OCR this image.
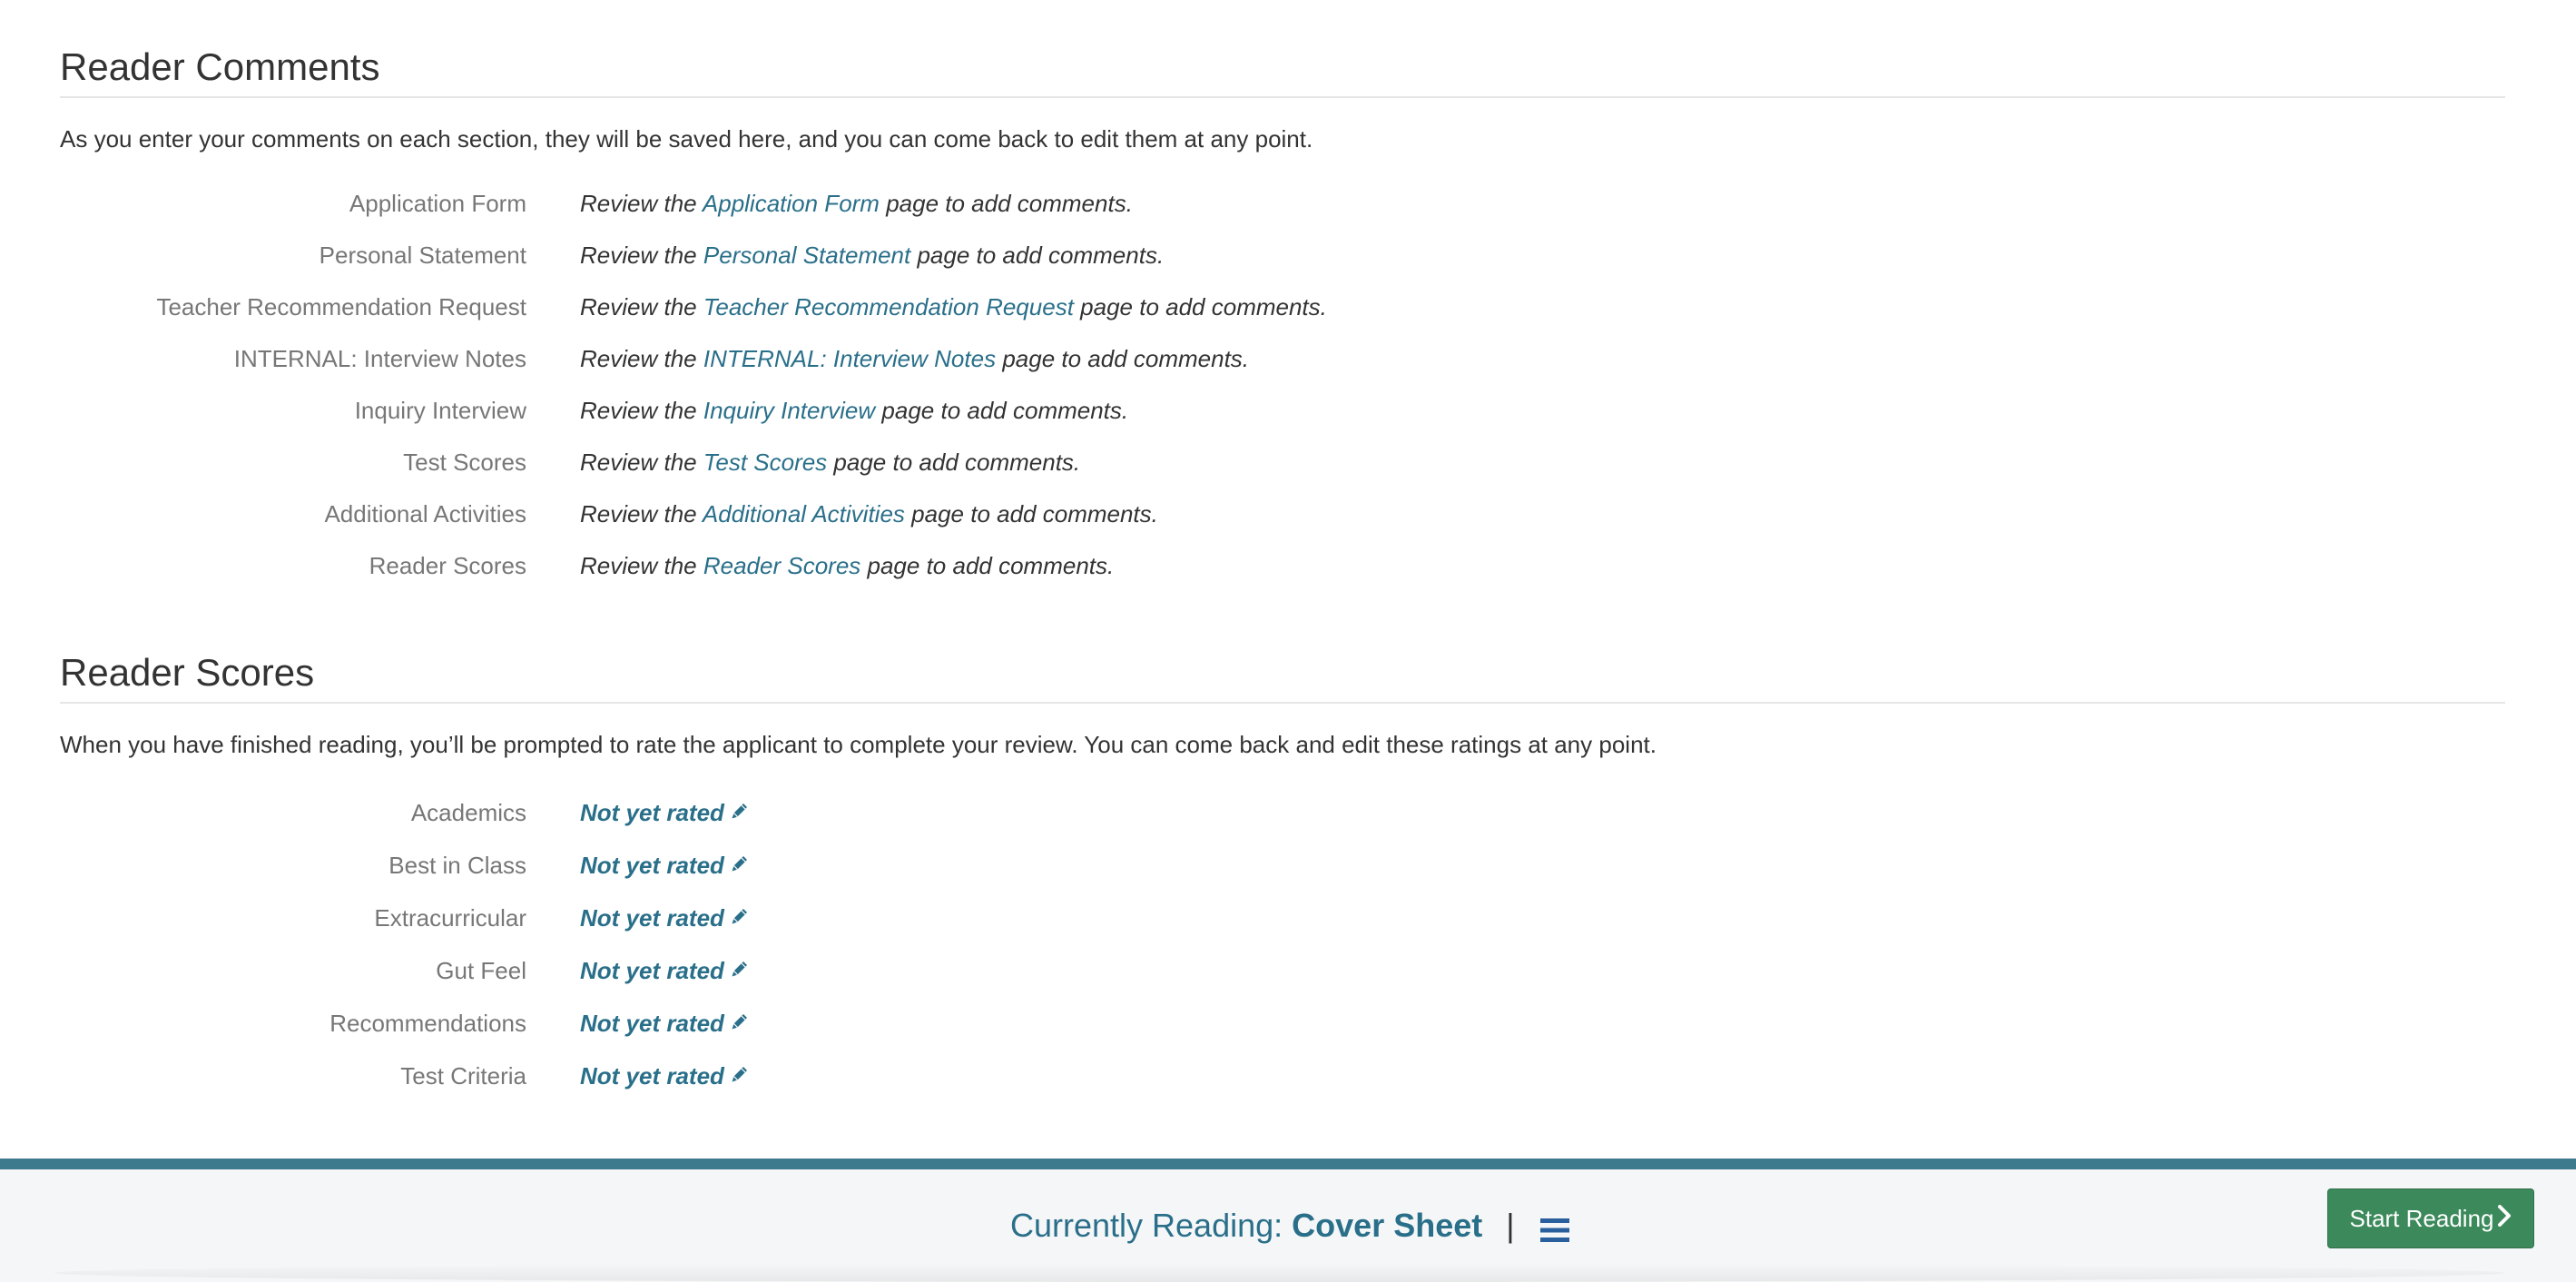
Reader Comments

As you enter your comments on each section, they will be saved here, and you can come back to edit them at any point.

Application Form Review the Application Form page to add comments.
Personal Statement Review the Personal Statement page to add comments.
Teacher Recommendation Request Review the Teacher Recommendation Request page to add comments.
INTERNAL: Interview Notes Review the INTERNAL: Interview Notes page to add comments.
Inquiry Interview Review the Inquiry Interview page to add comments.
Test Scores Review the Test Scores page to add comments.
Additional Activities Review the Additional Activities page to add comments.
Reader Scores Review the Reader Scores page to add comments.
Reader Scores

When you have finished reading, you’ll be prompted to rate the applicant to complete your review. You can come back and edit these ratings at any point.

Academics Not yet rated
Best in Class Not yet rated
Extracurricular Not yet rated
Gut Feel Not yet rated
Recommendations Not yet rated
Test Criteria Not yet rated
Currently Reading: Cover Sheet |	Start Reading
